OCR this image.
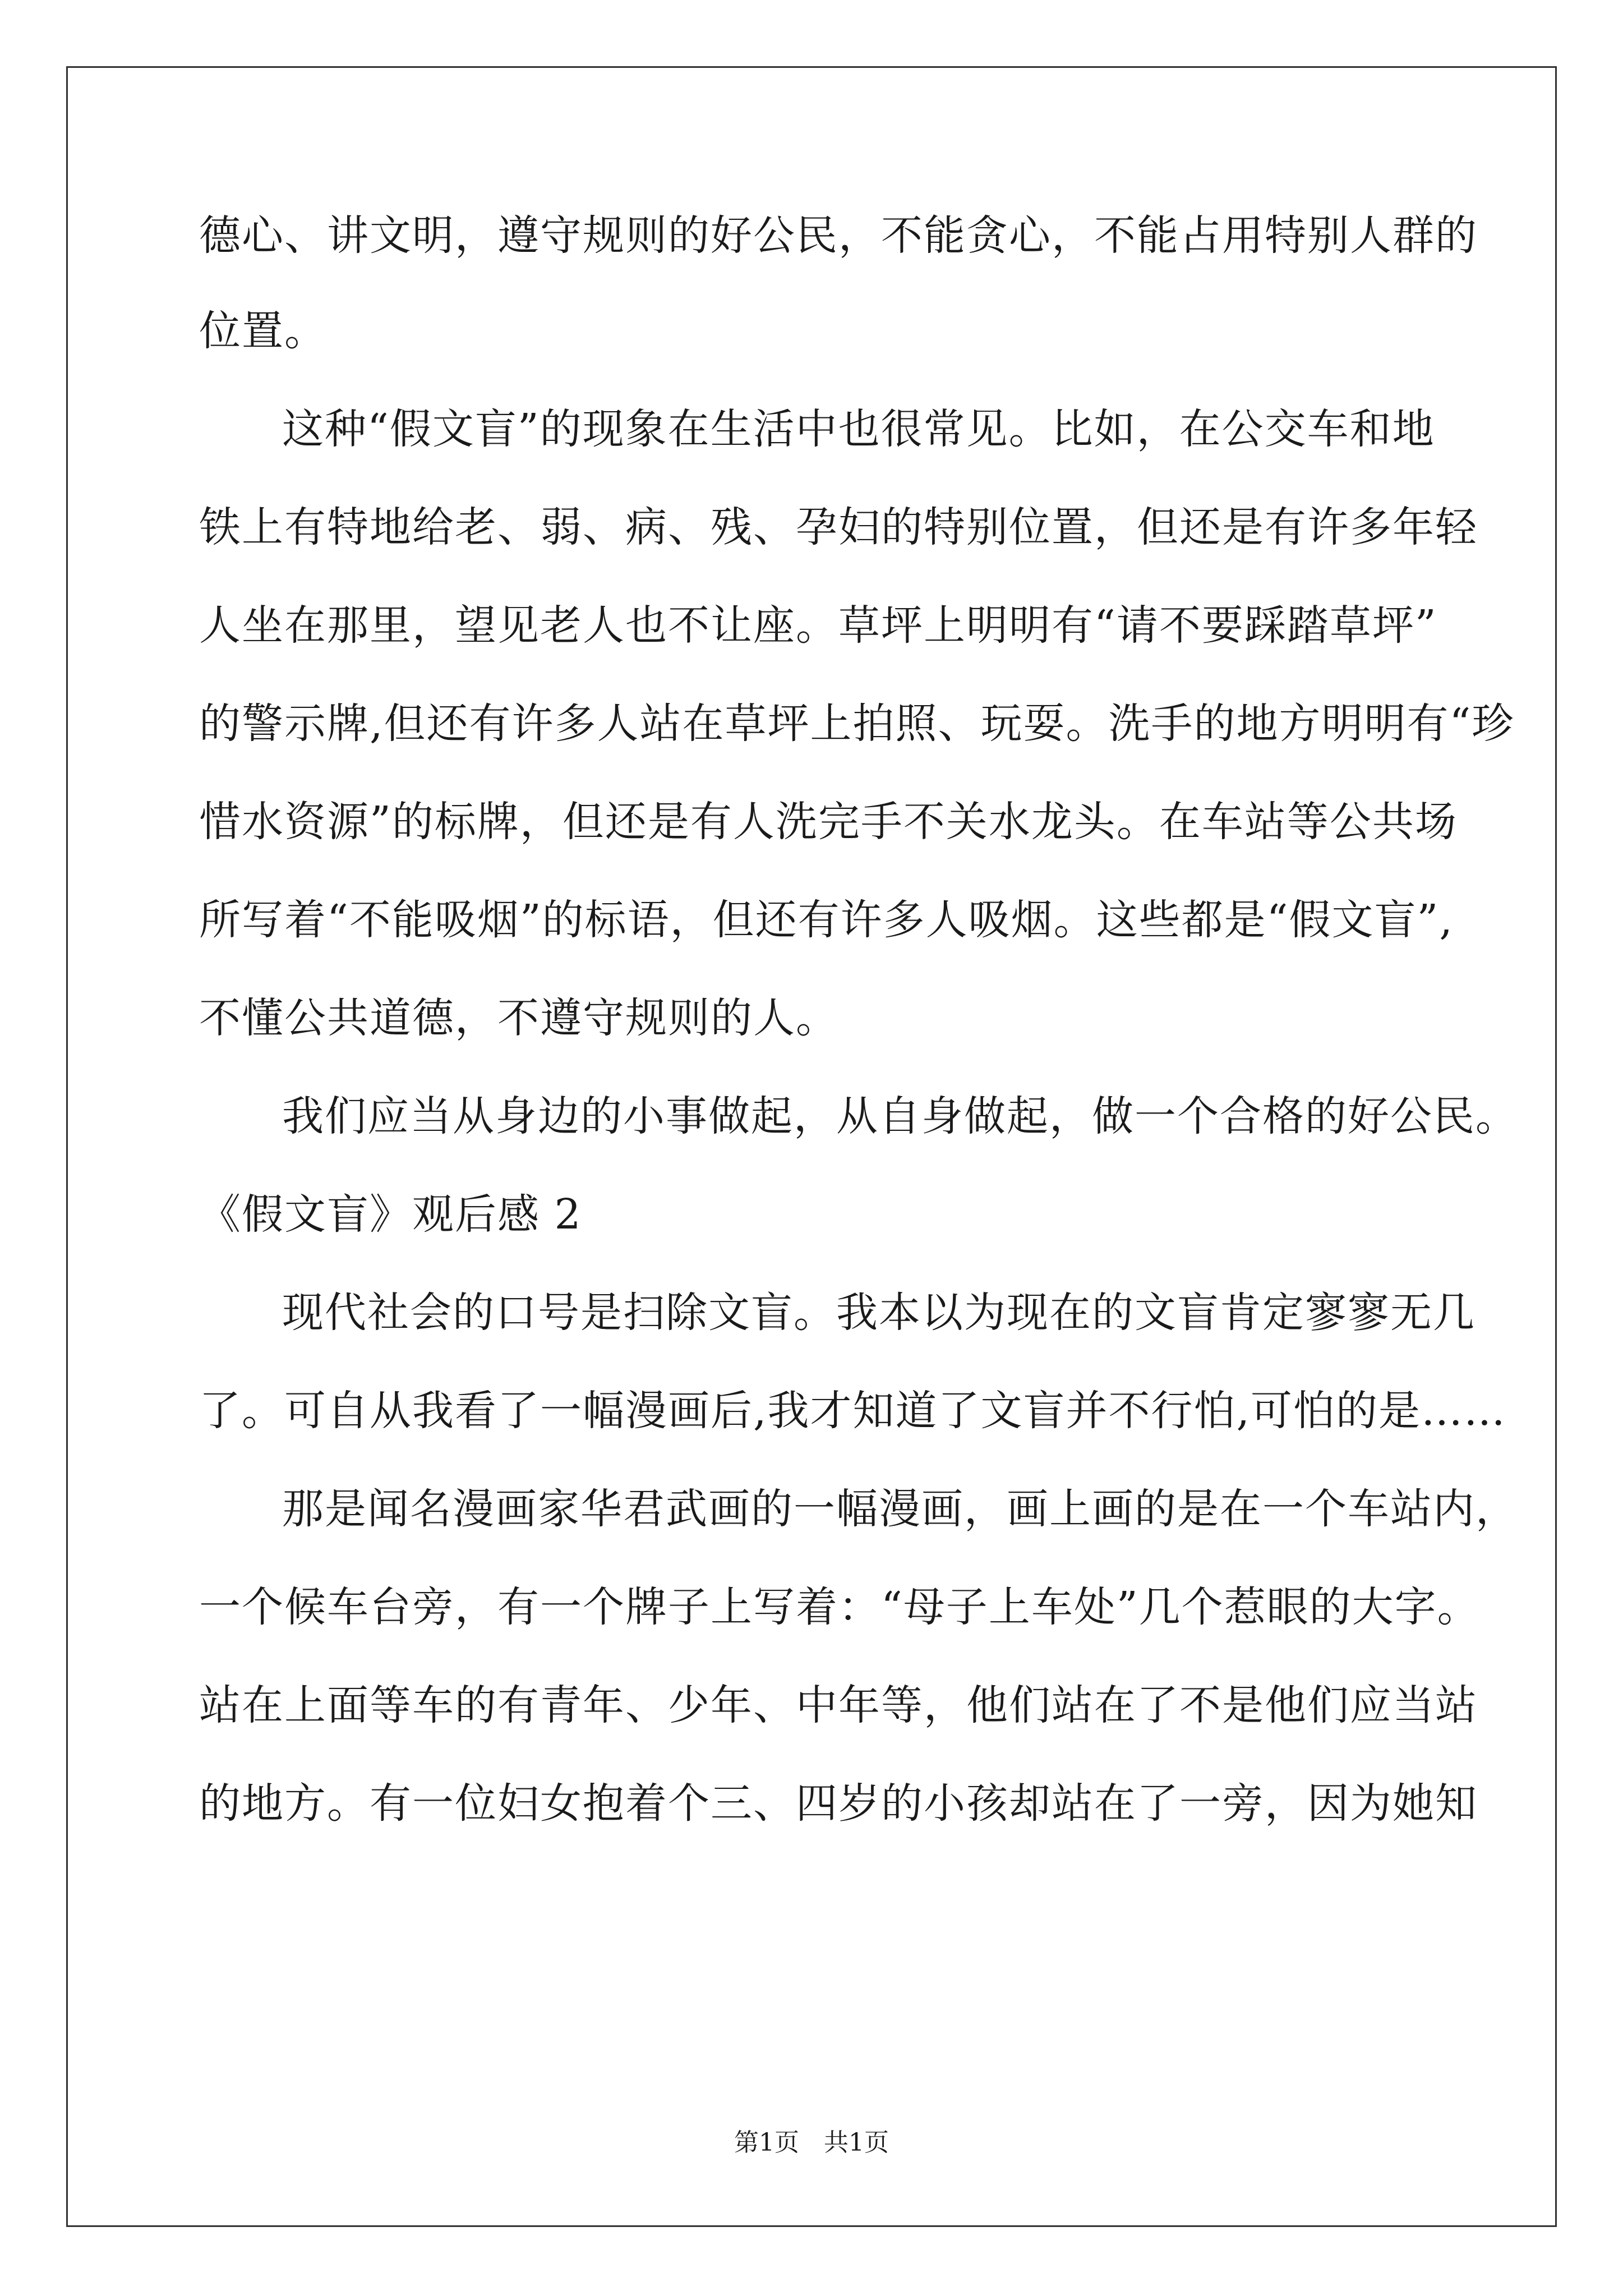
德心、讲文明，遵守规则的好公民，不能贪心，不能占用特别人群的
位置。
这种“假文盲”的现象在生活中也很常见。比如，在公交车和地
铁上有特地给老、弱、病、残、孕妇的特别位置，但还是有许多年轻
人坐在那里，望见老人也不让座。草坪上明明有“请不要踩踏草坪”
的警示牌,但还有许多人站在草坪上拍照、玩耍。洗手的地方明明有“珍
惜水资源”的标牌，但还是有人洗完手不关水龙头。在车站等公共场
所写着“不能吸烟”的标语，但还有许多人吸烟。这些都是“假文盲”,
不懂公共道德，不遵守规则的人。
我们应当从身边的小事做起，从自身做起，做一个合格的好公民。
《假文盲》观后感 2
现代社会的口号是扫除文盲。我本以为现在的文盲肯定寥寥无几
了。可自从我看了一幅漫画后,我才知道了文盲并不行怕,可怕的是……
那是闻名漫画家华君武画的一幅漫画，画上画的是在一个车站内，
一个候车台旁，有一个牌子上写着：“母子上车处”几个惹眼的大字。
站在上面等车的有青年、少年、中年等，他们站在了不是他们应当站
的地方。有一位妇女抱着个三、四岁的小孩却站在了一旁，因为她知
第1页　共1页
